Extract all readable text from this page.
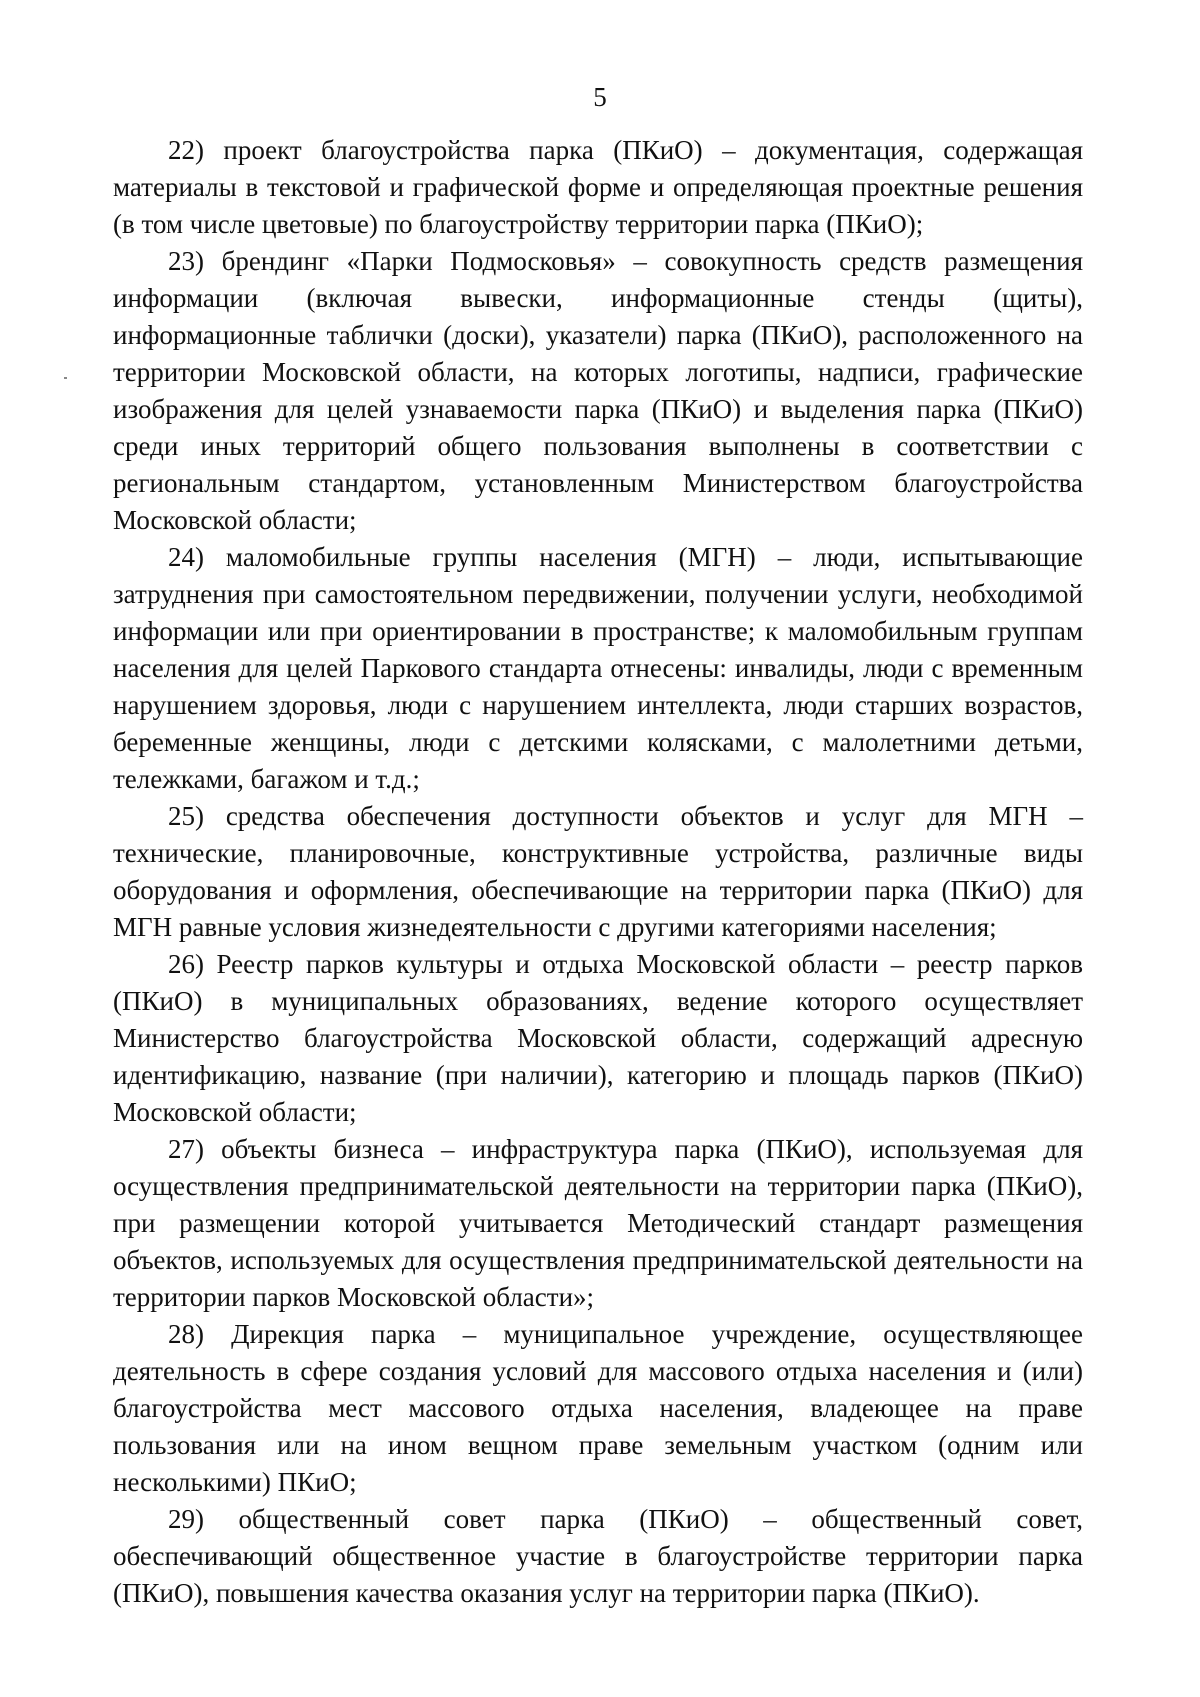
5

22) проект благоустройства парка (ПКиО) – документация, содержащая материалы в текстовой и графической форме и определяющая проектные решения (в том числе цветовые) по благоустройству территории парка (ПКиО);

23) брендинг «Парки Подмосковья» – совокупность средств размещения информации (включая вывески, информационные стенды (щиты), информационные таблички (доски), указатели) парка (ПКиО), расположенного на территории Московской области, на которых логотипы, надписи, графические изображения для целей узнаваемости парка (ПКиО) и выделения парка (ПКиО) среди иных территорий общего пользования выполнены в соответствии с региональным стандартом, установленным Министерством благоустройства Московской области;

24) маломобильные группы населения (МГН) – люди, испытывающие затруднения при самостоятельном передвижении, получении услуги, необходимой информации или при ориентировании в пространстве; к маломобильным группам населения для целей Паркового стандарта отнесены: инвалиды, люди с временным нарушением здоровья, люди с нарушением интеллекта, люди старших возрастов, беременные женщины, люди с детскими колясками, с малолетними детьми, тележками, багажом и т.д.;

25) средства обеспечения доступности объектов и услуг для МГН – технические, планировочные, конструктивные устройства, различные виды оборудования и оформления, обеспечивающие на территории парка (ПКиО) для МГН равные условия жизнедеятельности с другими категориями населения;

26) Реестр парков культуры и отдыха Московской области – реестр парков (ПКиО) в муниципальных образованиях, ведение которого осуществляет Министерство благоустройства Московской области, содержащий адресную идентификацию, название (при наличии), категорию и площадь парков (ПКиО) Московской области;

27) объекты бизнеса – инфраструктура парка (ПКиО), используемая для осуществления предпринимательской деятельности на территории парка (ПКиО), при размещении которой учитывается Методический стандарт размещения объектов, используемых для осуществления предпринимательской деятельности на территории парков Московской области»;

28) Дирекция парка – муниципальное учреждение, осуществляющее деятельность в сфере создания условий для массового отдыха населения и (или) благоустройства мест массового отдыха населения, владеющее на праве пользования или на ином вещном праве земельным участком (одним или несколькими) ПКиО;

29) общественный совет парка (ПКиО) – общественный совет, обеспечивающий общественное участие в благоустройстве территории парка (ПКиО), повышения качества оказания услуг на территории парка (ПКиО).
